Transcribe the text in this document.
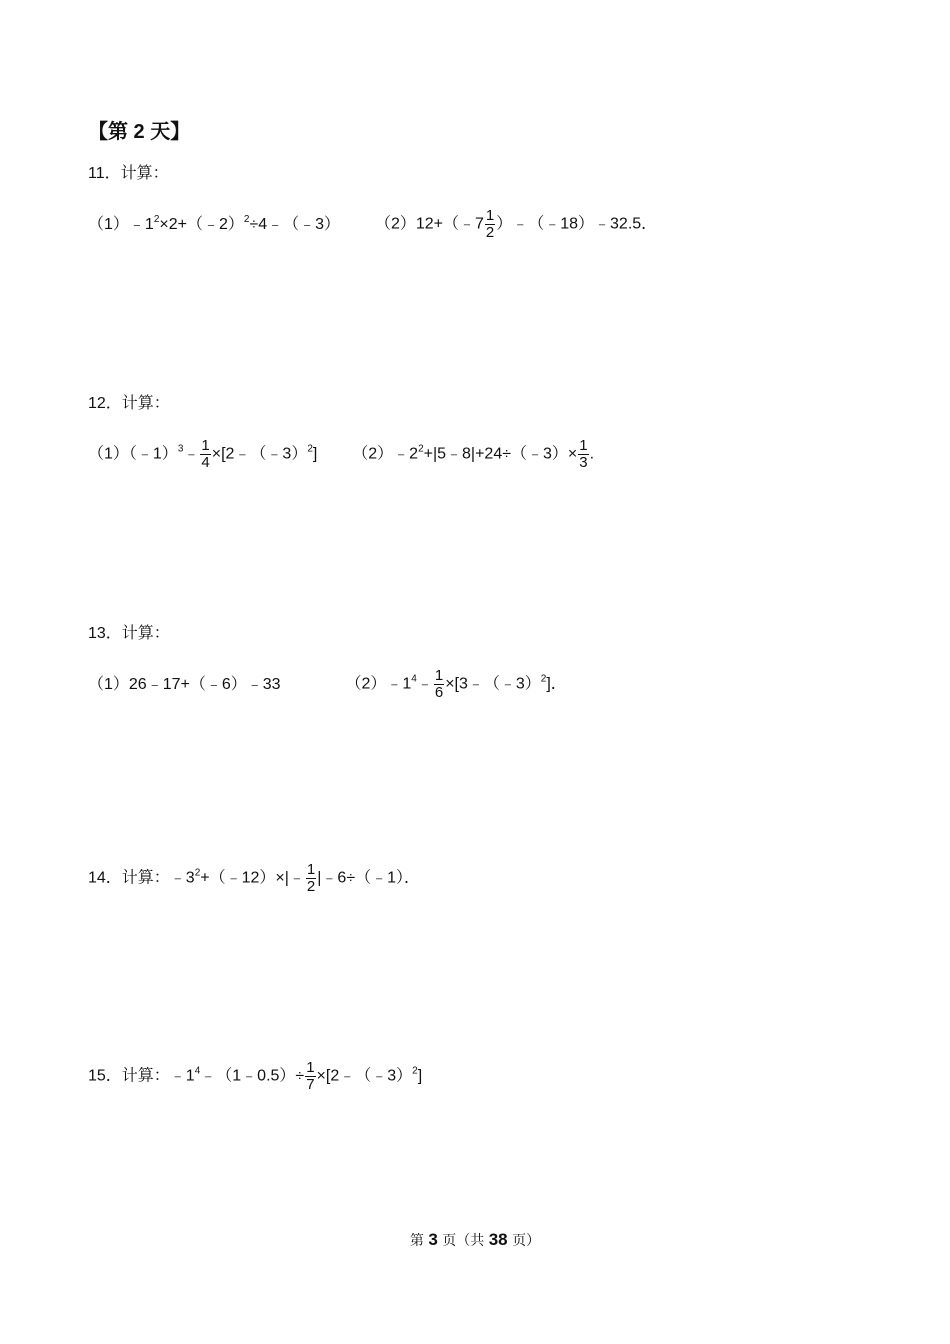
【第 2 天】
11．计算：
$(1)﹣1^2\times 2+(﹣2)^2\div 4﹣(﹣3)$ （2）12+（﹣7 $\frac{1}{2}$ ）﹣（﹣18）﹣32.5．
12．计算：
（1）（﹣1）$^3$﹣ $\frac{1}{4}$ ×[2﹣（﹣3）$^2$] $(2)﹣2^2+|5﹣8|+24\div(﹣3)\times \frac{1}{3}$ .
13．计算：
（1）26﹣17+（﹣6）﹣33	$(2)﹣1^4﹣ \frac{1}{6}$ ×[3﹣（﹣3）$^2$]．
14．计算：$﹣3^2+(﹣12)\times|﹣ \frac{1}{2}$ |﹣6÷（﹣1）．
15．计算：$﹣1^4﹣(1﹣0.5)\div \frac{1}{7}$ ×[2﹣（﹣3）$^2$]
第 3 页（共 38 页）
